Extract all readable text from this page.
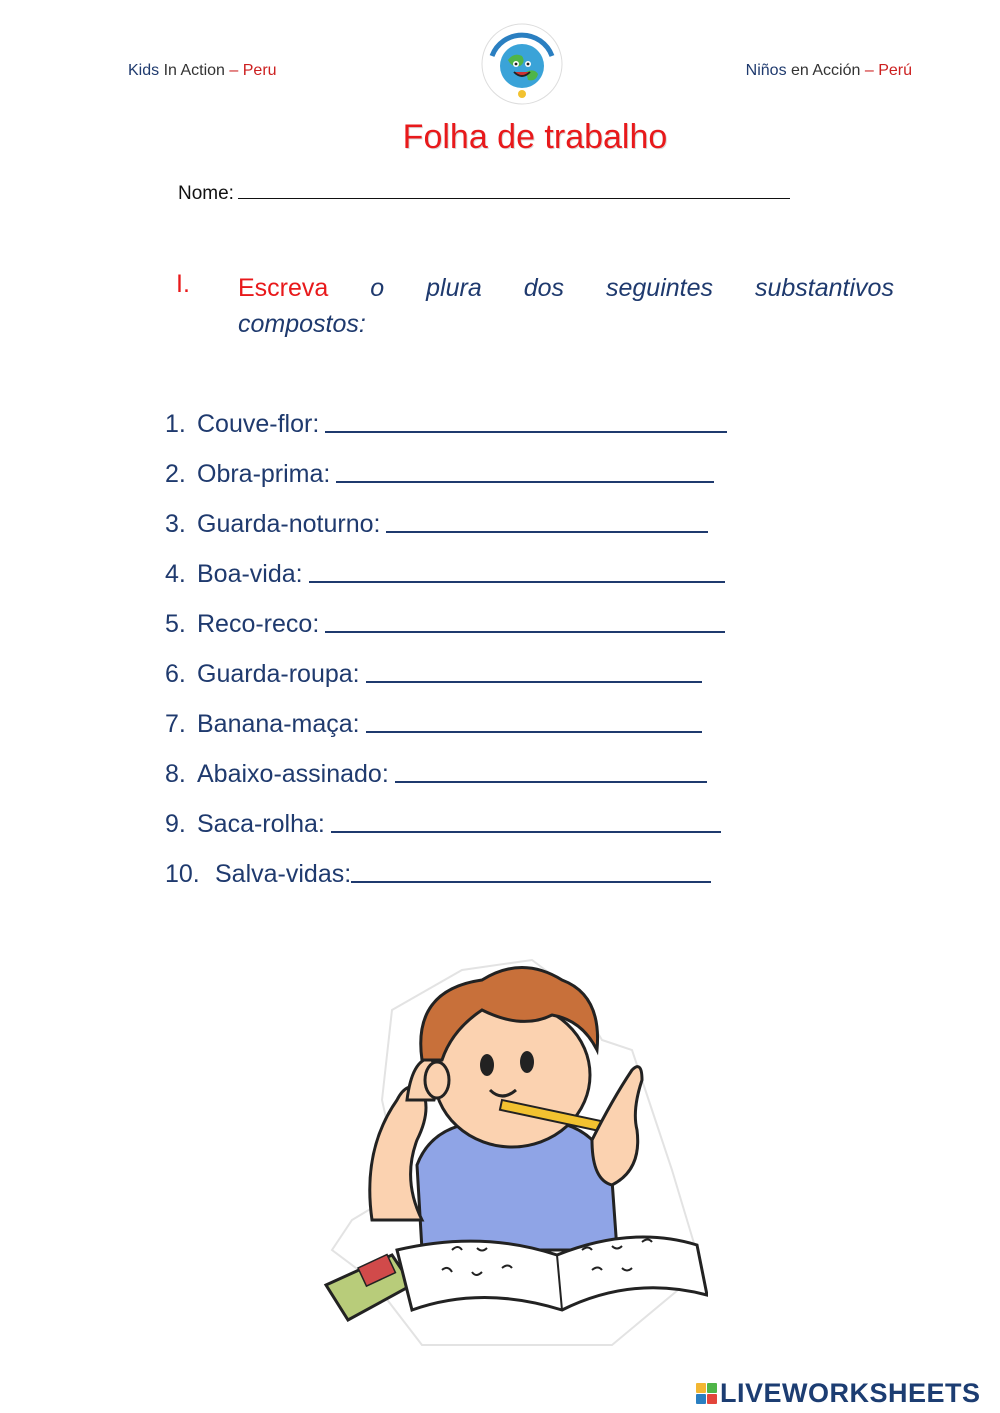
Kids In Action – Peru	Niños en Acción – Perú
Folha de trabalho
Nome:
I. Escreva o plura dos seguintes substantivos
compostos:
1. Couve-flor:
2. Obra-prima:
3. Guarda-noturno:
4. Boa-vida:
5. Reco-reco:
6. Guarda-roupa:
7. Banana-maça:
8. Abaixo-assinado:
9. Saca-rolha:
10. Salva-vidas:
LIVEWORKSHEETS
